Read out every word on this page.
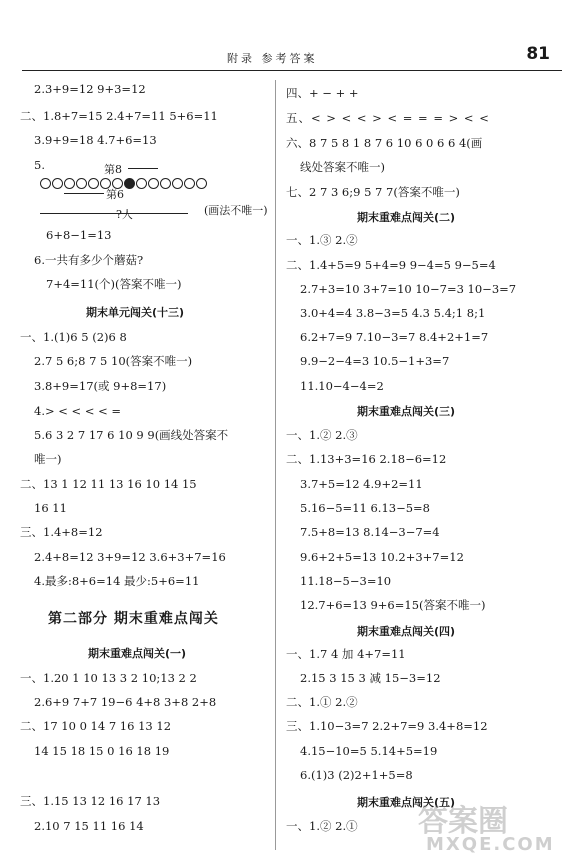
附录 参考答案	81
2.3+9=12 9+3=12
二、1.8+7=15 2.4+7=11 5+6=11
3.9+9=18 4.7+6=13
5.	第8
第6
?人	(画法不唯一)
6+8−1=13
6.一共有多少个蘑菇?
7+4=11(个)(答案不唯一)
期末单元闯关(十三)
一、1.(1)6 5 (2)6 8
2.7 5 6;8 7 5 10(答案不唯一)
3.8+9=17(或 9+8=17)
4.> < < < < =
5.6 3 2 7 17 6 10 9 9(画线处答案不
唯一)
二、13 1 12 11 13 16 10 14 15
16 11
三、1.4+8=12
2.4+8=12 3+9=12 3.6+3+7=16
4.最多:8+6=14 最少:5+6=11
第二部分 期末重难点闯关
期末重难点闯关(一)
一、1.20 1 10 13 3 2 10;13 2 2
2.6+9 7+7 19−6 4+8 3+8 2+8
二、17 10 0 14 7 16 13 12
14 15 18 15 0 16 18 19
三、1.15 13 12 16 17 13
2.10 7 15 11 16 14
四、+ − + +
五、< > < < > < = = = > < <
六、8 7 5 8 1 8 7 6 10 6 0 6 6 4(画
线处答案不唯一)
七、2 7 3 6;9 5 7 7(答案不唯一)
期末重难点闯关(二)
一、1.③ 2.②
二、1.4+5=9 5+4=9 9−4=5 9−5=4
2.7+3=10 3+7=10 10−7=3 10−3=7
3.0+4=4 3.8−3=5 4.3 5.4;1 8;1
6.2+7=9 7.10−3=7 8.4+2+1=7
9.9−2−4=3 10.5−1+3=7
11.10−4−4=2
期末重难点闯关(三)
一、1.② 2.③
二、1.13+3=16 2.18−6=12
3.7+5=12 4.9+2=11
5.16−5=11 6.13−5=8
7.5+8=13 8.14−3−7=4
9.6+2+5=13 10.2+3+7=12
11.18−5−3=10
12.7+6=13 9+6=15(答案不唯一)
期末重难点闯关(四)
一、1.7 4 加 4+7=11
2.15 3 15 3 减 15−3=12
二、1.① 2.②
三、1.10−3=7 2.2+7=9 3.4+8=12
4.15−10=5 5.14+5=19
6.(1)3 (2)2+1+5=8
期末重难点闯关(五)
一、1.② 2.① 答案圈
MXQE.COM
